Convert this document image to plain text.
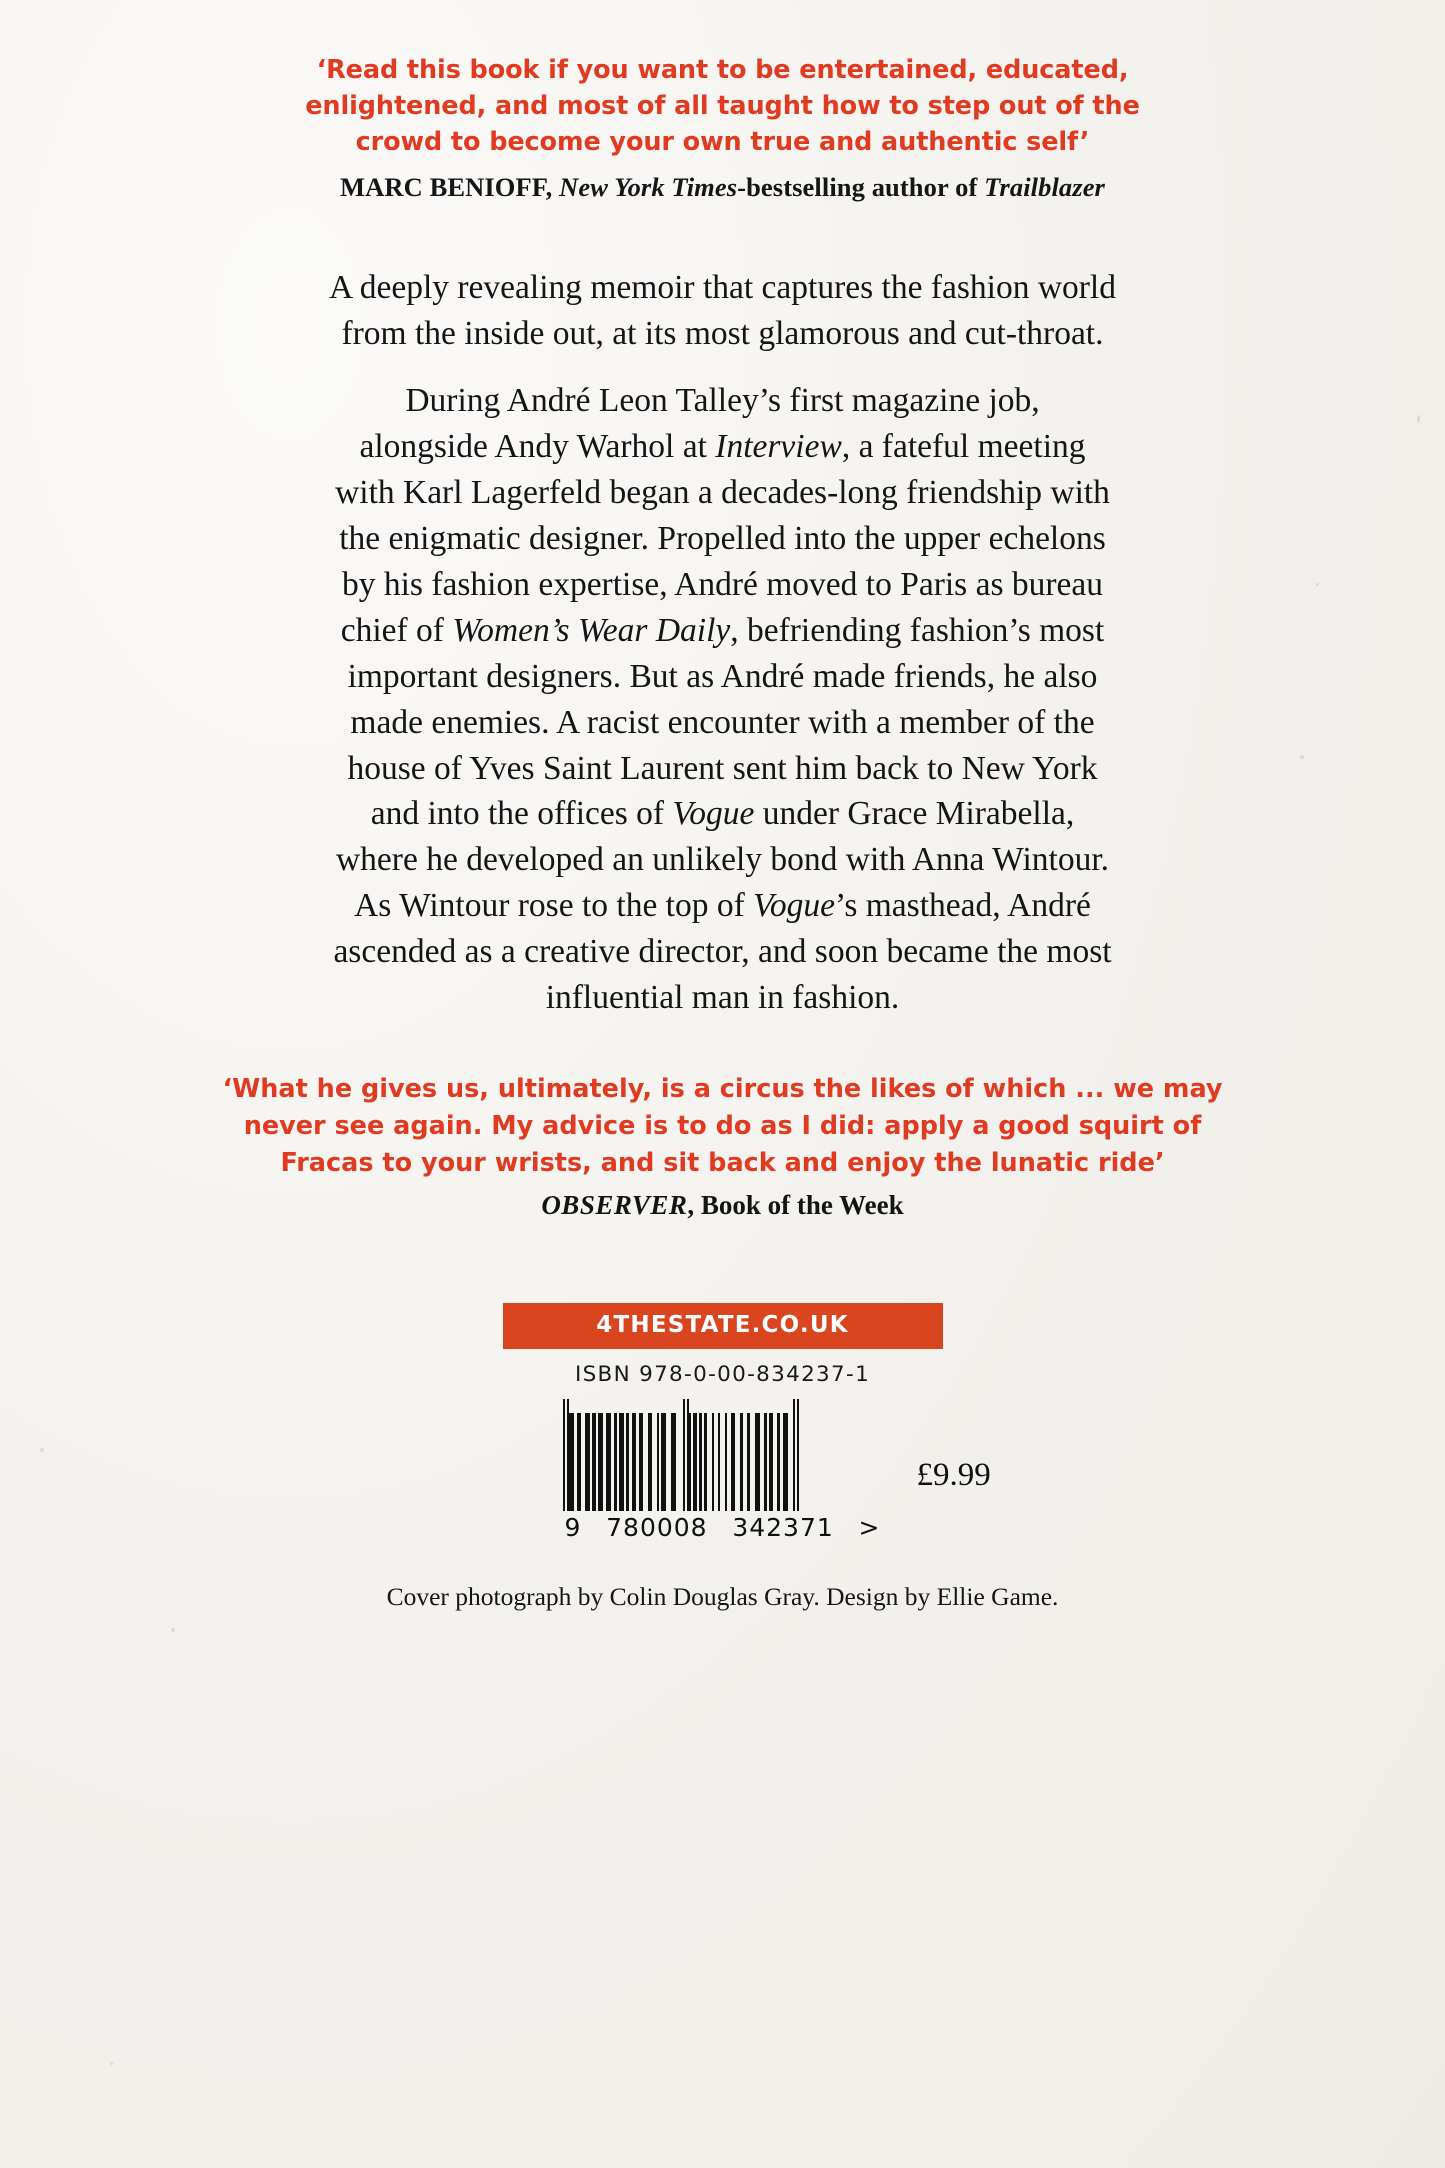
‘Read this book if you want to be entertained, educated,
enlightened, and most of all taught how to step out of the
crowd to become your own true and authentic self’
MARC BENIOFF, New York Times-bestselling author of Trailblazer

A deeply revealing memoir that captures the fashion world
from the inside out, at its most glamorous and cut-throat.

During André Leon Talley’s first magazine job,
alongside Andy Warhol at Interview, a fateful meeting
with Karl Lagerfeld began a decades-long friendship with
the enigmatic designer. Propelled into the upper echelons
by his fashion expertise, André moved to Paris as bureau
chief of Women’s Wear Daily, befriending fashion’s most
important designers. But as André made friends, he also
made enemies. A racist encounter with a member of the
house of Yves Saint Laurent sent him back to New York
and into the offices of Vogue under Grace Mirabella,
where he developed an unlikely bond with Anna Wintour.
As Wintour rose to the top of Vogue’s masthead, André
ascended as a creative director, and soon became the most
influential man in fashion.

‘What he gives us, ultimately, is a circus the likes of which ... we may
never see again. My advice is to do as I did: apply a good squirt of
Fracas to your wrists, and sit back and enjoy the lunatic ride’
OBSERVER, Book of the Week
4THESTATE.CO.UK
ISBN 978-0-00-834237-1
9 780008 342371 >
£9.99
Cover photograph by Colin Douglas Gray. Design by Ellie Game.
